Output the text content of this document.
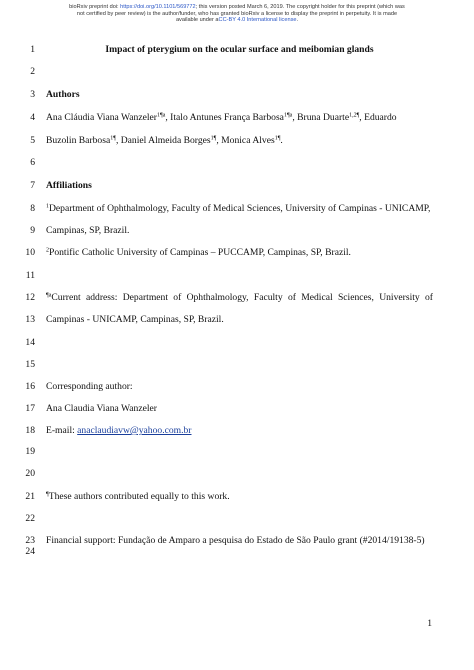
bioRxiv preprint doi: https://doi.org/10.1101/569772; this version posted March 6, 2019. The copyright holder for this preprint (which was
not certified by peer review) is the author/funder, who has granted bioRxiv a license to display the preprint in perpetuity. It is made
available under aCC-BY 4.0 International license.
1
2
3
4
5
6
7
8
9
10
11
12
13
14
15
16
17
18
19
20
21
22
23
24
Impact of pterygium on the ocular surface and meibomian glands
Authors
Ana Cláudia Viana Wanzeler$^{1\P a}$, Italo Antunes França Barbosa$^{1\P a}$, Bruna Duarte$^{1,2\P}$, Eduardo
Buzolin Barbosa$^{1\P}$, Daniel Almeida Borges$^{1\P}$, Monica Alves$^{1\P}$.
Affiliations
$^1$Department of Ophthalmology, Faculty of Medical Sciences, University of Campinas - UNICAMP,
Campinas, SP, Brazil.
$^2$Pontific Catholic University of Campinas – PUCCAMP, Campinas, SP, Brazil.
$^{\P a}$Current address: Department of Ophthalmology, Faculty of Medical Sciences, University of
Campinas - UNICAMP, Campinas, SP, Brazil.
Corresponding author:
Ana Claudia Viana Wanzeler
E-mail: anaclaudiavw@yahoo.com.br
¶These authors contributed equally to this work.
Financial support: Fundação de Amparo a pesquisa do Estado de São Paulo grant (#2014/19138-5)
1
